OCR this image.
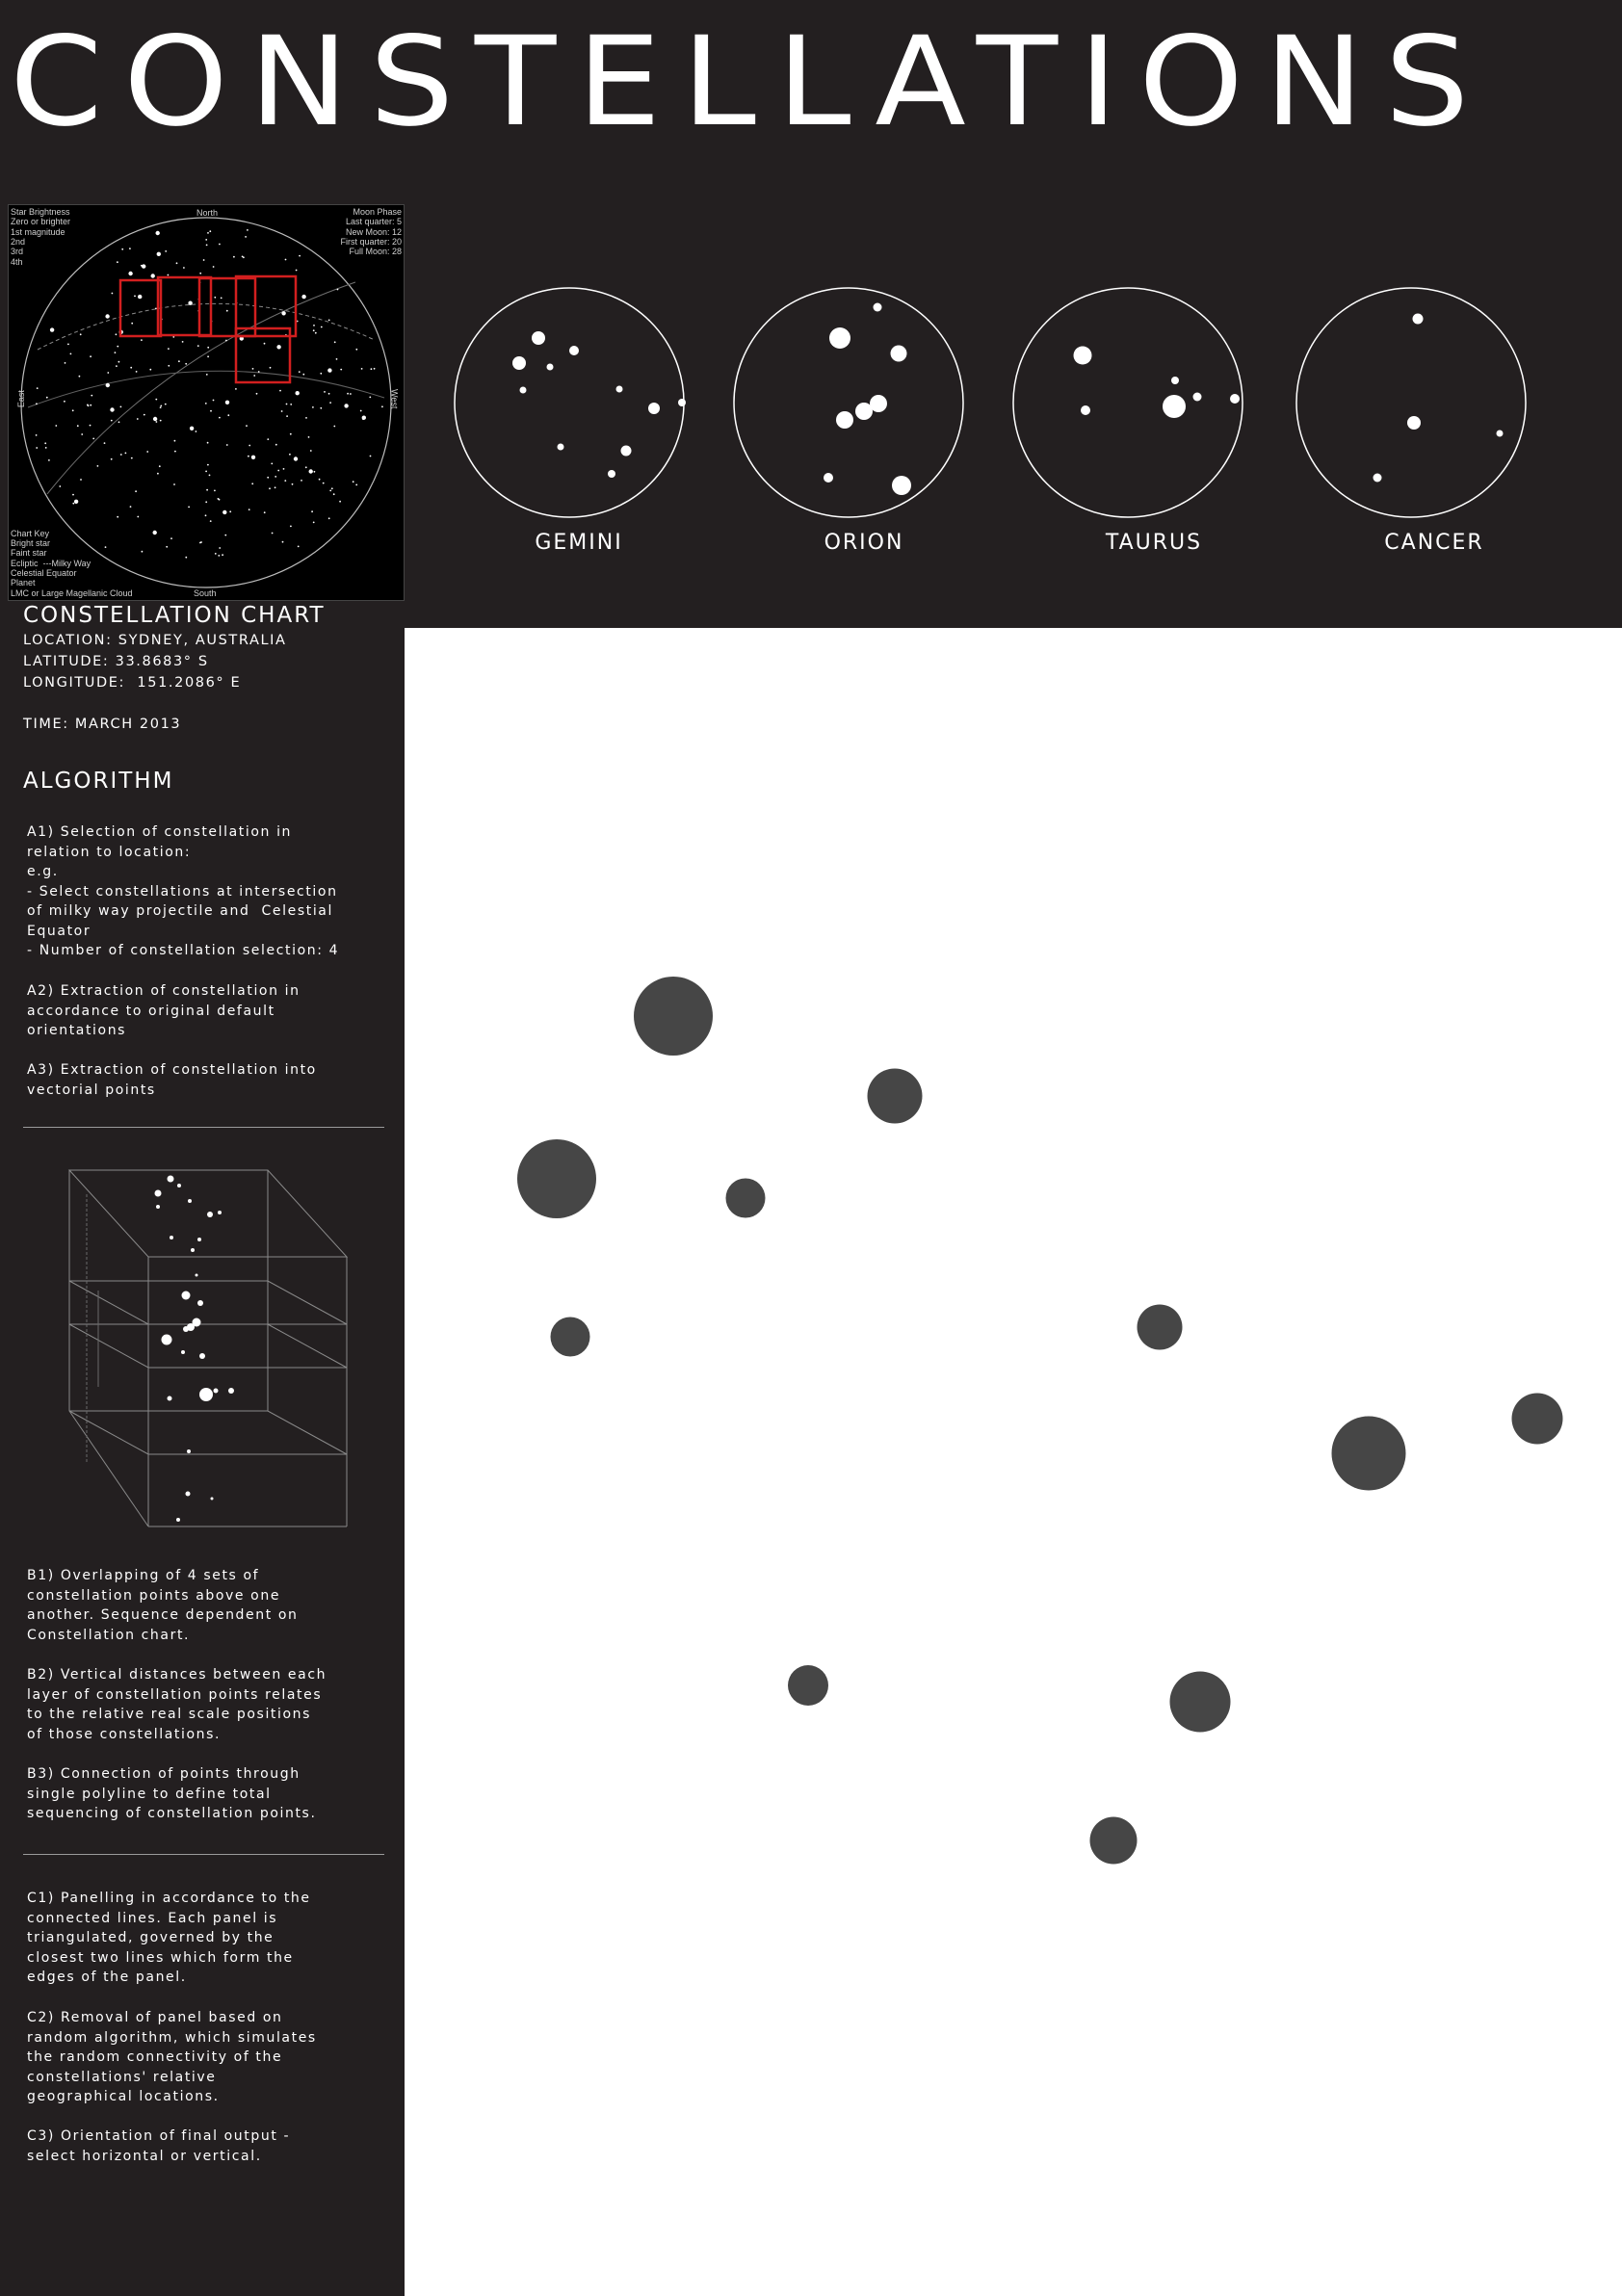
CONSTELLATIONS
Star Brightness
Zero or brighter
1st magnitude
2nd
3rd
4th
Moon Phase
Last quarter: 5
New Moon: 12
First quarter: 20
Full Moon: 28
Chart Key
Bright star
Faint star
Ecliptic  ---Milky Way
Celestial Equator
Planet
LMC or Large Magellanic Cloud
North
South
East	West
GEMINI	ORION	TAURUS	CANCER
CONSTELLATION CHART
LOCATION: SYDNEY, AUSTRALIA
LATITUDE: 33.8683° S
LONGITUDE:  151.2086° E
TIME: MARCH 2013
ALGORITHM
A1) Selection of constellation in
relation to location:
e.g.
- Select constellations at intersection
of milky way projectile and  Celestial
Equator
- Number of constellation selection: 4
A2) Extraction of constellation in
accordance to original default
orientations
A3) Extraction of constellation into
vectorial points
B1) Overlapping of 4 sets of
constellation points above one
another. Sequence dependent on
Constellation chart.
B2) Vertical distances between each
layer of constellation points relates
to the relative real scale positions
of those constellations.
B3) Connection of points through
single polyline to define total
sequencing of constellation points.
C1) Panelling in accordance to the
connected lines. Each panel is
triangulated, governed by the
closest two lines which form the
edges of the panel.
C2) Removal of panel based on
random algorithm, which simulates
the random connectivity of the
constellations' relative
geographical locations.
C3) Orientation of final output -
select horizontal or vertical.
